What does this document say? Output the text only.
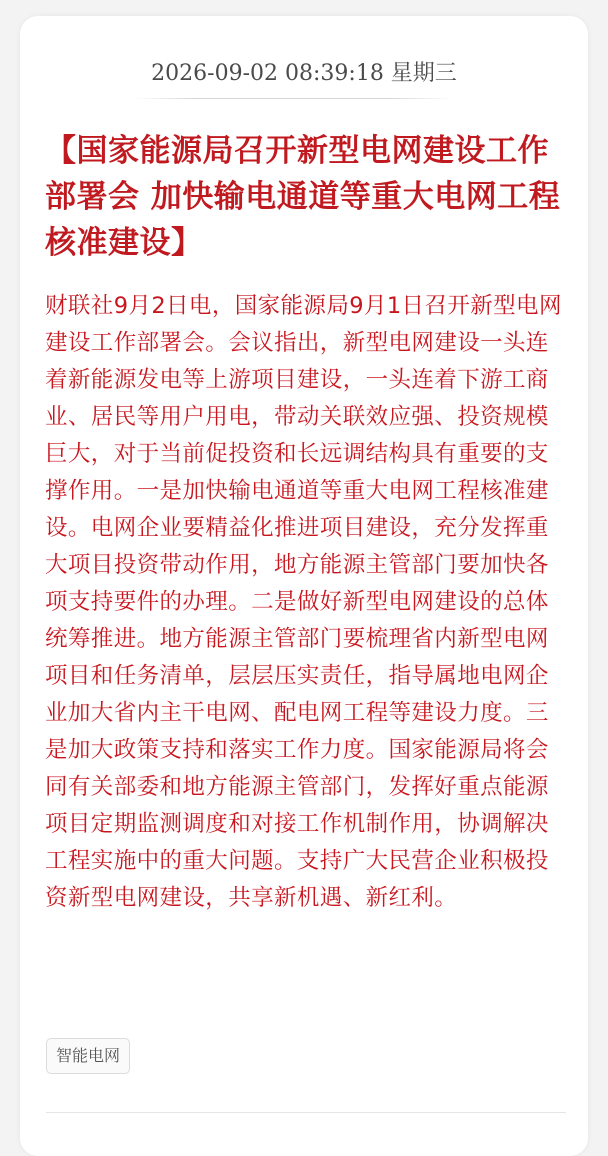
2026-09-02 08:39:18 星期三
【国家能源局召开新型电网建设工作部署会 加快输电通道等重大电网工程核准建设】

财联社9月2日电，国家能源局9月1日召开新型电网建设工作部署会。会议指出，新型电网建设一头连着新能源发电等上游项目建设，一头连着下游工商业、居民等用户用电，带动关联效应强、投资规模巨大，对于当前促投资和长远调结构具有重要的支撑作用。一是加快输电通道等重大电网工程核准建设。电网企业要精益化推进项目建设，充分发挥重大项目投资带动作用，地方能源主管部门要加快各项支持要件的办理。二是做好新型电网建设的总体统筹推进。地方能源主管部门要梳理省内新型电网项目和任务清单，层层压实责任，指导属地电网企业加大省内主干电网、配电网工程等建设力度。三是加大政策支持和落实工作力度。国家能源局将会同有关部委和地方能源主管部门，发挥好重点能源项目定期监测调度和对接工作机制作用，协调解决工程实施中的重大问题。支持广大民营企业积极投资新型电网建设，共享新机遇、新红利。

智能电网
